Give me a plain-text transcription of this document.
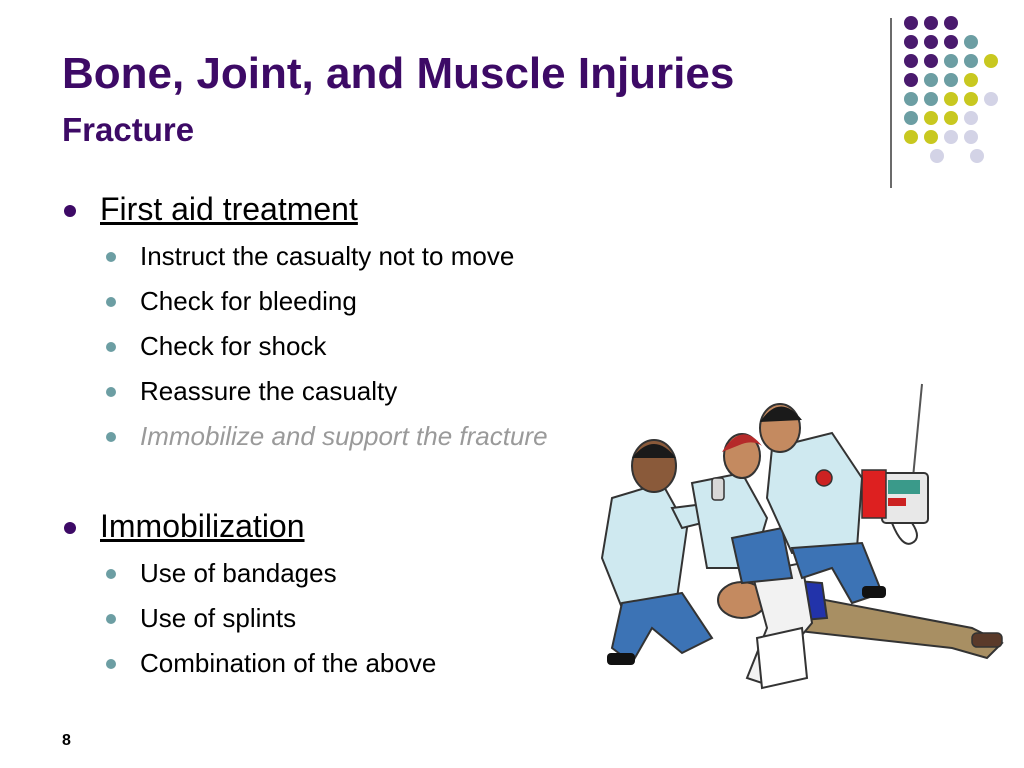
Bone, Joint, and Muscle Injuries
Fracture
First aid treatment
Instruct the casualty not to move
Check for bleeding
Check for shock
Reassure the casualty
Immobilize and support the fracture
Immobilization
Use of bandages
Use of splints
Combination of the above
8
